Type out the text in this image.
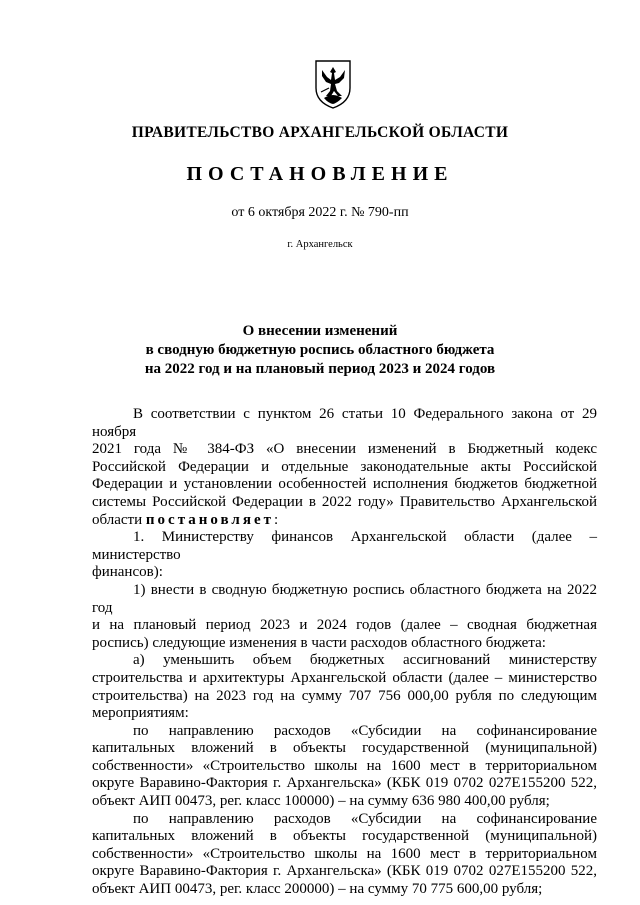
ПРАВИТЕЛЬСТВО АРХАНГЕЛЬСКОЙ ОБЛАСТИ
ПОСТАНОВЛЕНИЕ
от 6 октября 2022 г. № 790-пп
г. Архангельск
О внесении изменений
в сводную бюджетную роспись областного бюджета
на 2022 год и на плановый период 2023 и 2024 годов
В соответствии с пунктом 26 статьи 10 Федерального закона от 29 ноября
2021 года № 384-ФЗ «О внесении изменений в Бюджетный кодекс
Российской Федерации и отдельные законодательные акты Российской
Федерации и установлении особенностей исполнения бюджетов бюджетной
системы Российской Федерации в 2022 году» Правительство Архангельской
области постановляет:
1. Министерству финансов Архангельской области (далее – министерство
финансов):
1) внести в сводную бюджетную роспись областного бюджета на 2022 год
и на плановый период 2023 и 2024 годов (далее – сводная бюджетная
роспись) следующие изменения в части расходов областного бюджета:
а) уменьшить объем бюджетных ассигнований министерству
строительства и архитектуры Архангельской области (далее – министерство
строительства) на 2023 год на сумму 707 756 000,00 рубля по следующим
мероприятиям:
по направлению расходов «Субсидии на софинансирование
капитальных вложений в объекты государственной (муниципальной)
собственности» «Строительство школы на 1600 мест в территориальном
округе Варавино-Фактория г. Архангельска» (КБК 019 0702 027Е155200 522,
объект АИП 00473, рег. класс 100000) – на сумму 636 980 400,00 рубля;
по направлению расходов «Субсидии на софинансирование
капитальных вложений в объекты государственной (муниципальной)
собственности» «Строительство школы на 1600 мест в территориальном
округе Варавино-Фактория г. Архангельска» (КБК 019 0702 027Е155200 522,
объект АИП 00473, рег. класс 200000) – на сумму 70 775 600,00 рубля;
